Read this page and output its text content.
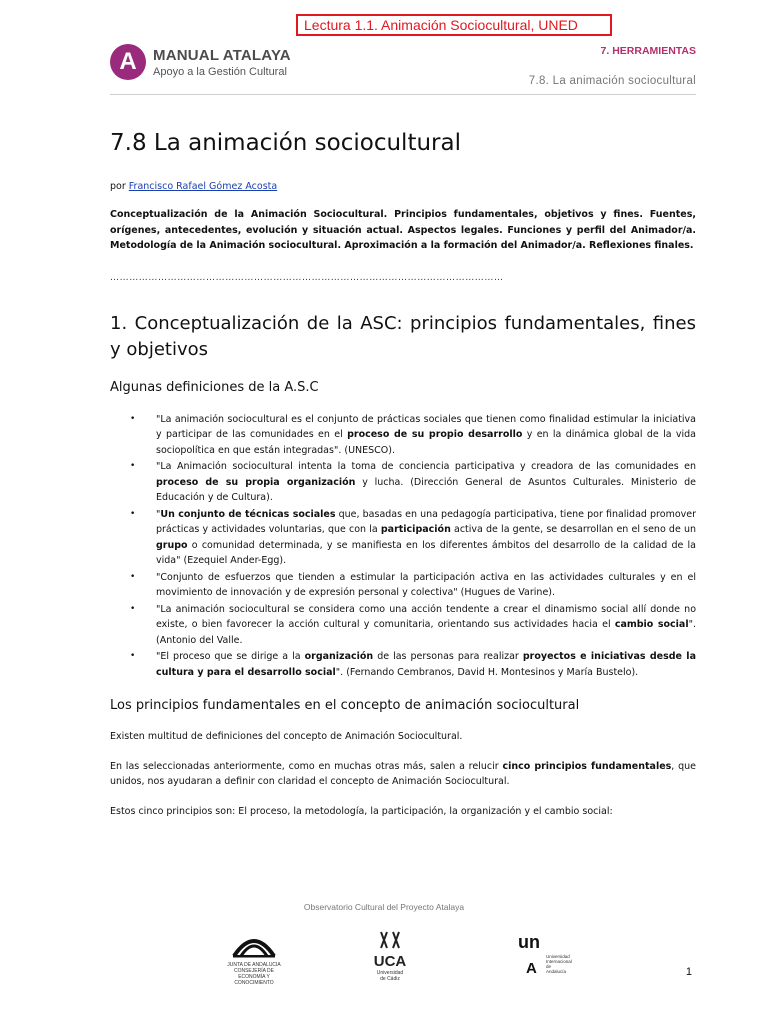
Lectura 1.1. Animación Sociocultural, UNED
A	MANUAL ATALAYA
Apoyo a la Gestión Cultural
7. HERRAMIENTAS
7.8. La animación sociocultural
7.8 La animación sociocultural
por Francisco Rafael Gómez Acosta
Conceptualización de la Animación Sociocultural. Principios fundamentales, objetivos y fines. Fuentes, orígenes, antecedentes, evolución y situación actual. Aspectos legales. Funciones y perfil del Animador/a. Metodología de la Animación sociocultural. Aproximación a la formación del Animador/a. Reflexiones finales.
……………………………………………………………………………………………………………
1. Conceptualización de la ASC: principios fundamentales, fines y objetivos
Algunas definiciones de la A.S.C
• "La animación sociocultural es el conjunto de prácticas sociales que tienen como finalidad estimular la iniciativa y participar de las comunidades en el proceso de su propio desarrollo y en la dinámica global de la vida sociopolítica en que están integradas". (UNESCO).
• "La Animación sociocultural intenta la toma de conciencia participativa y creadora de las comunidades en proceso de su propia organización y lucha. (Dirección General de Asuntos Culturales. Ministerio de Educación y de Cultura).
• "Un conjunto de técnicas sociales que, basadas en una pedagogía participativa, tiene por finalidad promover prácticas y actividades voluntarias, que con la participación activa de la gente, se desarrollan en el seno de un grupo o comunidad determinada, y se manifiesta en los diferentes ámbitos del desarrollo de la calidad de la vida" (Ezequiel Ander-Egg).
• "Conjunto de esfuerzos que tienden a estimular la participación activa en las actividades culturales y en el movimiento de innovación y de expresión personal y colectiva" (Hugues de Varine).
• "La animación sociocultural se considera como una acción tendente a crear el dinamismo social allí donde no existe, o bien favorecer la acción cultural y comunitaria, orientando sus actividades hacia el cambio social". (Antonio del Valle.
• "El proceso que se dirige a la organización de las personas para realizar proyectos e iniciativas desde la cultura y para el desarrollo social". (Fernando Cembranos, David H. Montesinos y María Bustelo).
Los principios fundamentales en el concepto de animación sociocultural

Existen multitud de definiciones del concepto de Animación Sociocultural.

En las seleccionadas anteriormente, como en muchas otras más, salen a relucir cinco principios fundamentales, que unidos, nos ayudaran a definir con claridad el concepto de Animación Sociocultural.

Estos cinco principios son: El proceso, la metodología, la participación, la organización y el cambio social:

Observatorio Cultural del Proyecto Atalaya
JUNTA DE ANDALUCIA
CONSEJERÍA DE ECONOMÍA Y CONOCIMIENTO
UCA
Universidad
de Cádiz
un
A
Universidad
Internacional
de Andalucía	1
